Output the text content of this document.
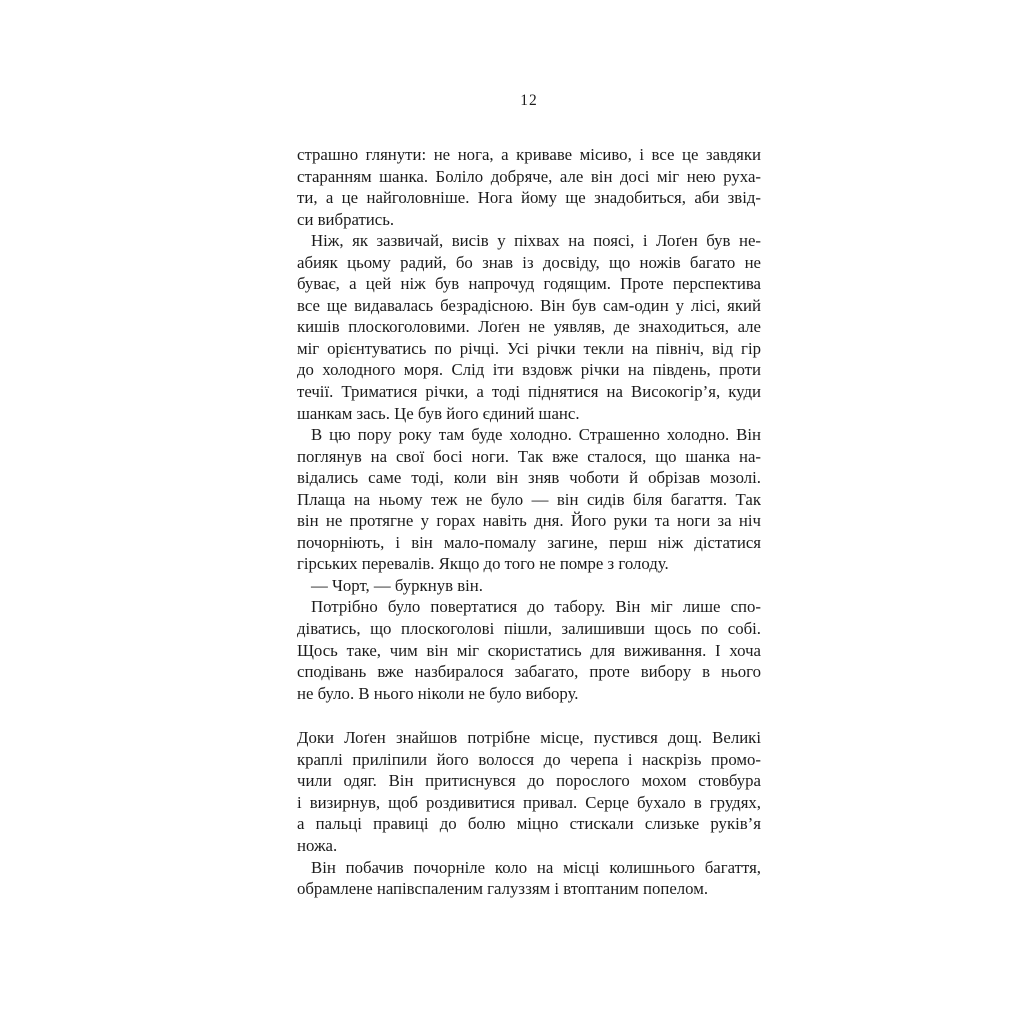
12
страшно глянути: не нога, а криваве місиво, і все це завдяки
старанням шанка. Боліло добряче, але він досі міг нею руха-
ти, а це найголовніше. Нога йому ще знадобиться, аби звід-
си вибратись.
Ніж, як зазвичай, висів у піхвах на поясі, і Лоґен був не-
абияк цьому радий, бо знав із досвіду, що ножів багато не
буває, а цей ніж був напрочуд годящим. Проте перспектива
все ще видавалась безрадісною. Він був сам-один у лісі, який
кишів плоскоголовими. Лоґен не уявляв, де знаходиться, але
міг орієнтуватись по річці. Усі річки текли на північ, від гір
до холодного моря. Слід іти вздовж річки на південь, проти
течії. Триматися річки, а тоді піднятися на Високогір’я, куди
шанкам зась. Це був його єдиний шанс.
В цю пору року там буде холодно. Страшенно холодно. Він
поглянув на свої босі ноги. Так вже сталося, що шанка на-
відались саме тоді, коли він зняв чоботи й обрізав мозолі.
Плаща на ньому теж не було — він сидів біля багаття. Так
він не протягне у горах навіть дня. Його руки та ноги за ніч
почорніють, і він мало-помалу загине, перш ніж дістатися
гірських перевалів. Якщо до того не помре з голоду.
— Чорт, — буркнув він.
Потрібно було повертатися до табору. Він міг лише спо-
діватись, що плоскоголові пішли, залишивши щось по собі.
Щось таке, чим він міг скористатись для виживання. І хоча
сподівань вже назбиралося забагато, проте вибору в нього
не було. В нього ніколи не було вибору.
Доки Лоґен знайшов потрібне місце, пустився дощ. Великі
краплі приліпили його волосся до черепа і наскрізь промо-
чили одяг. Він притиснувся до порослого мохом стовбура
і визирнув, щоб роздивитися привал. Серце бухало в грудях,
а пальці правиці до болю міцно стискали слизьке руків’я
ножа.
Він побачив почорніле коло на місці колишнього багаття,
обрамлене напівспаленим галуззям і втоптаним попелом.
